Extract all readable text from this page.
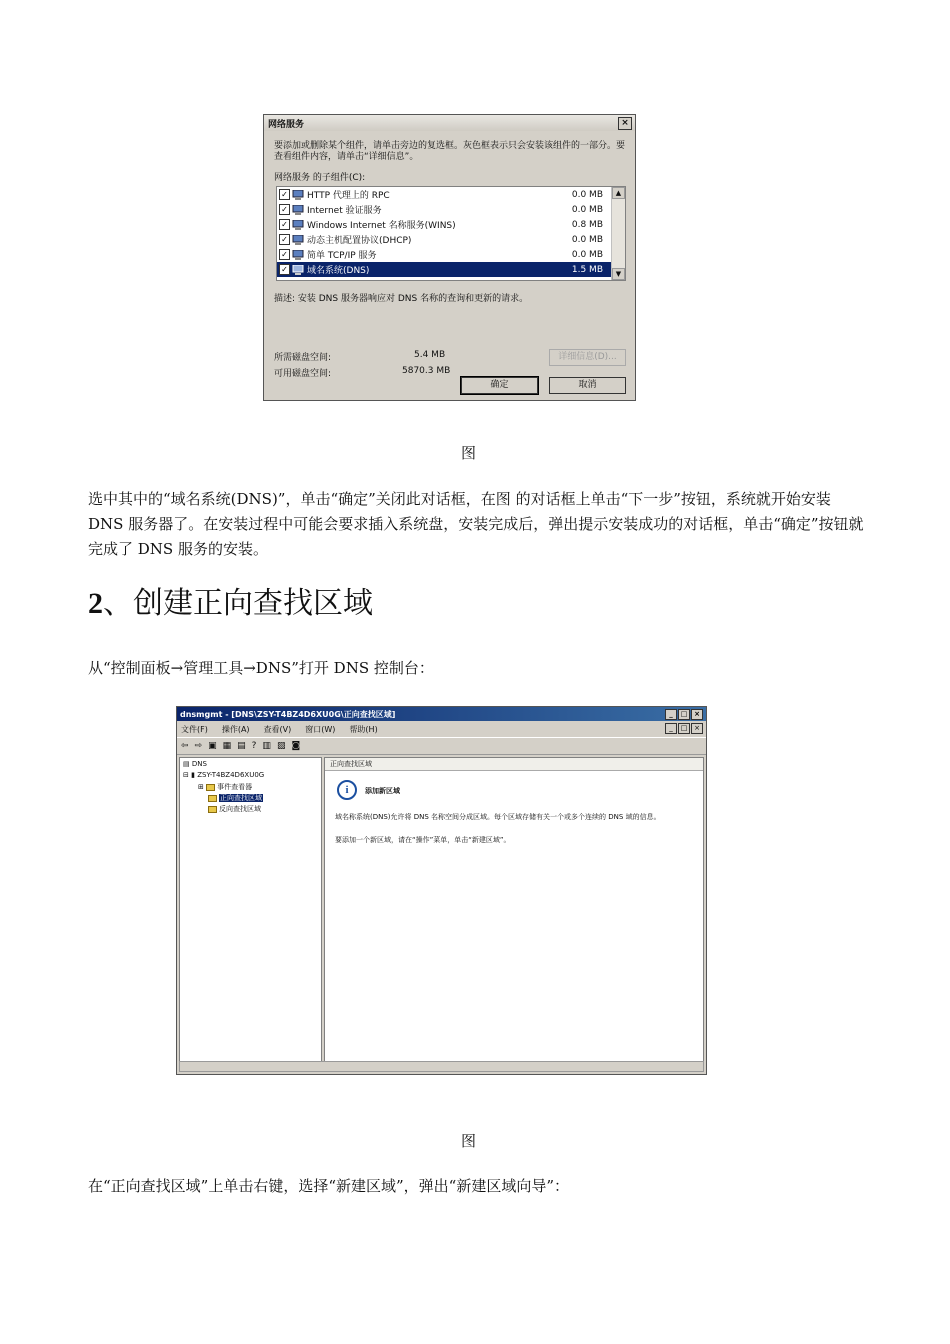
网络服务	×
要添加或删除某个组件，请单击旁边的复选框。灰色框表示只会安装该组件的一部分。要查看组件内容，请单击“详细信息”。
网络服务 的子组件(C):
✓ HTTP 代理上的 RPC	0.0 MB
✓ Internet 验证服务	0.0 MB
✓ Windows Internet 名称服务(WINS)	0.8 MB
✓ 动态主机配置协议(DHCP)	0.0 MB
✓ 简单 TCP/IP 服务	0.0 MB
✓ 域名系统(DNS)	1.5 MB
▲
▼
描述: 安装 DNS 服务器响应对 DNS 名称的查询和更新的请求。
所需磁盘空间:	5.4 MB
可用磁盘空间:	5870.3 MB
详细信息(D)...
确定	取消
图
选中其中的“域名系统(DNS)”，单击“确定”关闭此对话框，在图 的对话框上单击“下一步”按钮，系统就开始安装 DNS 服务器了。在安装过程中可能会要求插入系统盘，安装完成后，弹出提示安装成功的对话框，单击“确定”按钮就完成了 DNS 服务的安装。
2、创建正向查找区域
从“控制面板→管理工具→DNS”打开 DNS 控制台：
dnsmgmt - [DNS\ZSY-T4BZ4D6XU0G\正向查找区域]	_ □ ×
文件(F) 操作(A) 查看(V) 窗口(W) 帮助(H)	_ □ ×
⇦ ⇨ ▣ ▦ ▤ ? ▥ ▧ ◙
▤ DNS
⊟ ▮ ZSY-T4BZ4D6XU0G
⊞ 事件查看器
正向查找区域
反向查找区域
正向查找区域
i	添加新区域
域名称系统(DNS)允许将 DNS 名称空间分成区域。每个区域存储有关一个或多个连续的 DNS 域的信息。
要添加一个新区域，请在“操作”菜单，单击“新建区域”。
图
在“正向查找区域”上单击右键，选择“新建区域”，弹出“新建区域向导”：
